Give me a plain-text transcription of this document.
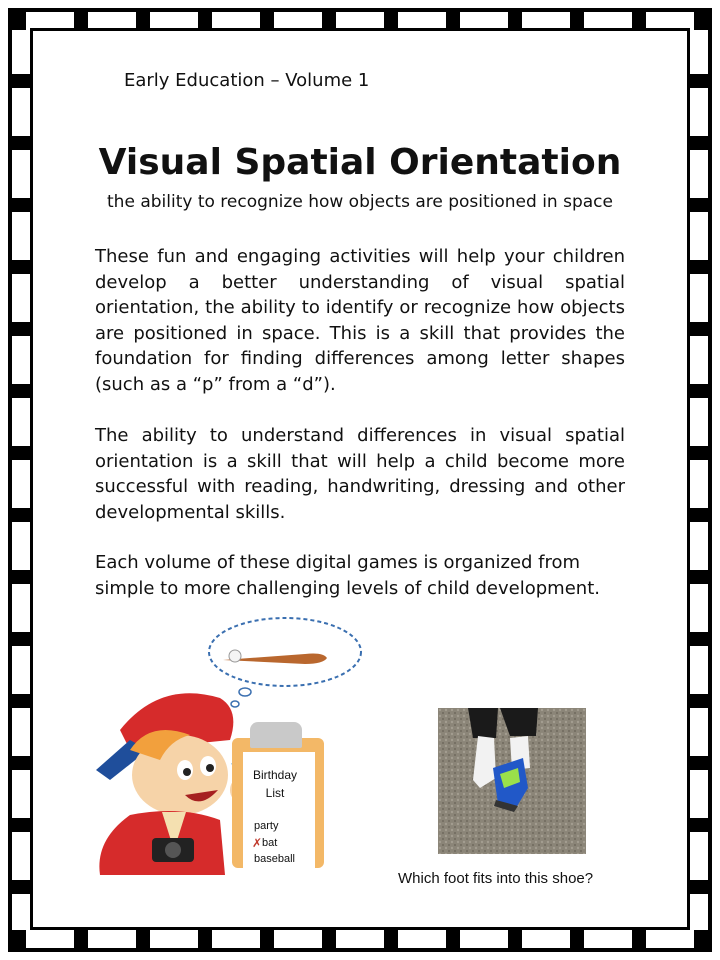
Early Education – Volume 1
Visual Spatial Orientation
the ability to recognize how objects are positioned in space
These fun and engaging activities will help your children develop a better understanding of visual spatial orientation, the ability to identify or recognize how objects are positioned in space. This is a skill that provides the foundation for finding differences among letter shapes (such as a “p” from a “d”).
The ability to understand differences in visual spatial orientation is a skill that will help a child become more successful with reading, handwriting, dressing and other developmental skills.
Each volume of these digital games is organized from simple to more challenging levels of child development.
Birthday
List
party
✗ bat
baseball
Which foot fits into this shoe?
